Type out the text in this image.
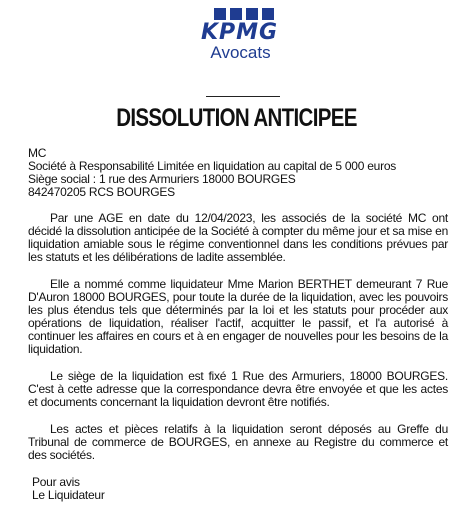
KPMG
Avocats
DISSOLUTION ANTICIPEE
MC
Société à Responsabilité Limitée en liquidation au capital de 5 000 euros
Siège social : 1 rue des Armuriers 18000 BOURGES
842470205 RCS BOURGES

Par une AGE en date du 12/04/2023, les associés de la société MC ont décidé la dissolution anticipée de la Société à compter du même jour et sa mise en liquidation amiable sous le régime conventionnel dans les conditions prévues par les statuts et les délibérations de ladite assemblée.

Elle a nommé comme liquidateur Mme Marion BERTHET demeurant 7 Rue D'Auron 18000 BOURGES, pour toute la durée de la liquidation, avec les pouvoirs les plus étendus tels que déterminés par la loi et les statuts pour procéder aux opérations de liquidation, réaliser l'actif, acquitter le passif, et l'a autorisé à continuer les affaires en cours et à en engager de nouvelles pour les besoins de la liquidation.

Le siège de la liquidation est fixé 1 Rue des Armuriers, 18000 BOURGES. C'est à cette adresse que la correspondance devra être envoyée et que les actes et documents concernant la liquidation devront être notifiés.

Les actes et pièces relatifs à la liquidation seront déposés au Greffe du Tribunal de commerce de BOURGES, en annexe au Registre du commerce et des sociétés.

Pour avis
Le Liquidateur
